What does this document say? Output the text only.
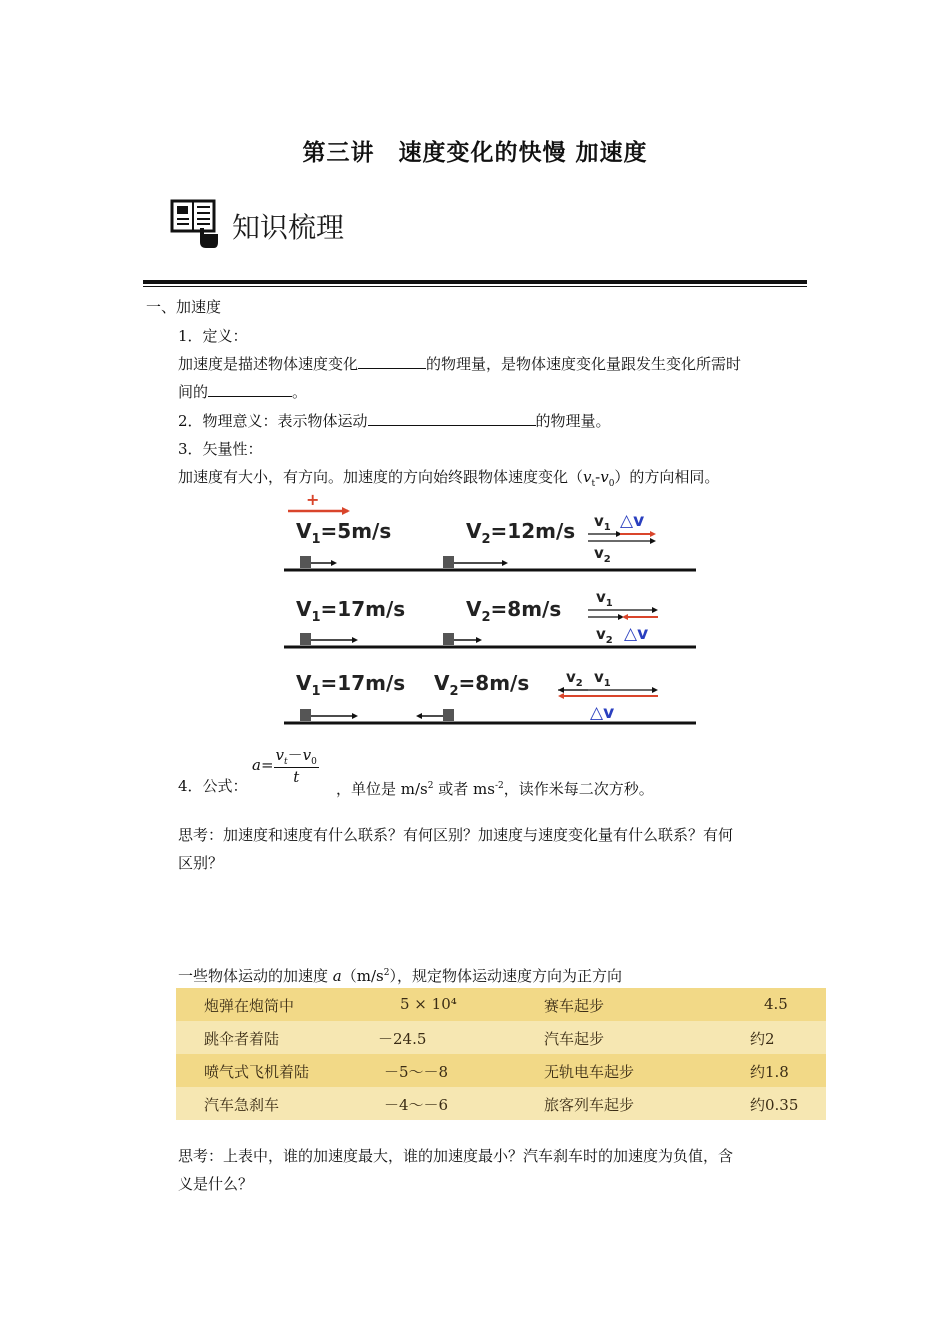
第三讲　速度变化的快慢 加速度
知识梳理
一、加速度
1．定义：
加速度是描述物体速度变化	的物理量，是物体速度变化量跟发生变化所需时
间的	。
2．物理意义：表示物体运动	的物理量。
3．矢量性：
加速度有大小，有方向。加速度的方向始终跟物体速度变化$(v_t-v_0)$的方向相同。
+
$V_1=5m/s$	$V_2=12m/s$ $v_1$ △v
$v_2$
$V_1=17m/s$	$V_2=8m/s$ $v_1$
$v_2$ △v
$V_1=17m/s$ $V_2=8m/s$ $v_2$ $v_1$
△v
4．公式：
$a= \frac{v_t-v_0}{t}$
，单位是 $m/s^2$ 或者 $ms^{-2}$，读作米每二次方秒。
思考：加速度和速度有什么联系？有何区别？加速度与速度变化量有什么联系？有何
区别？
一些物体运动的加速度 $a(m/s^2)$，规定物体运动速度方向为正方向
炮弹在炮筒中	5 × 10⁴	赛车起步	4.5
跳伞者着陆	－24.5	汽车起步	约2
喷气式飞机着陆	－5～－8	无轨电车起步	约1.8
汽车急刹车	－4～－6	旅客列车起步	约0.35
思考：上表中，谁的加速度最大，谁的加速度最小？汽车刹车时的加速度为负值，含
义是什么？
